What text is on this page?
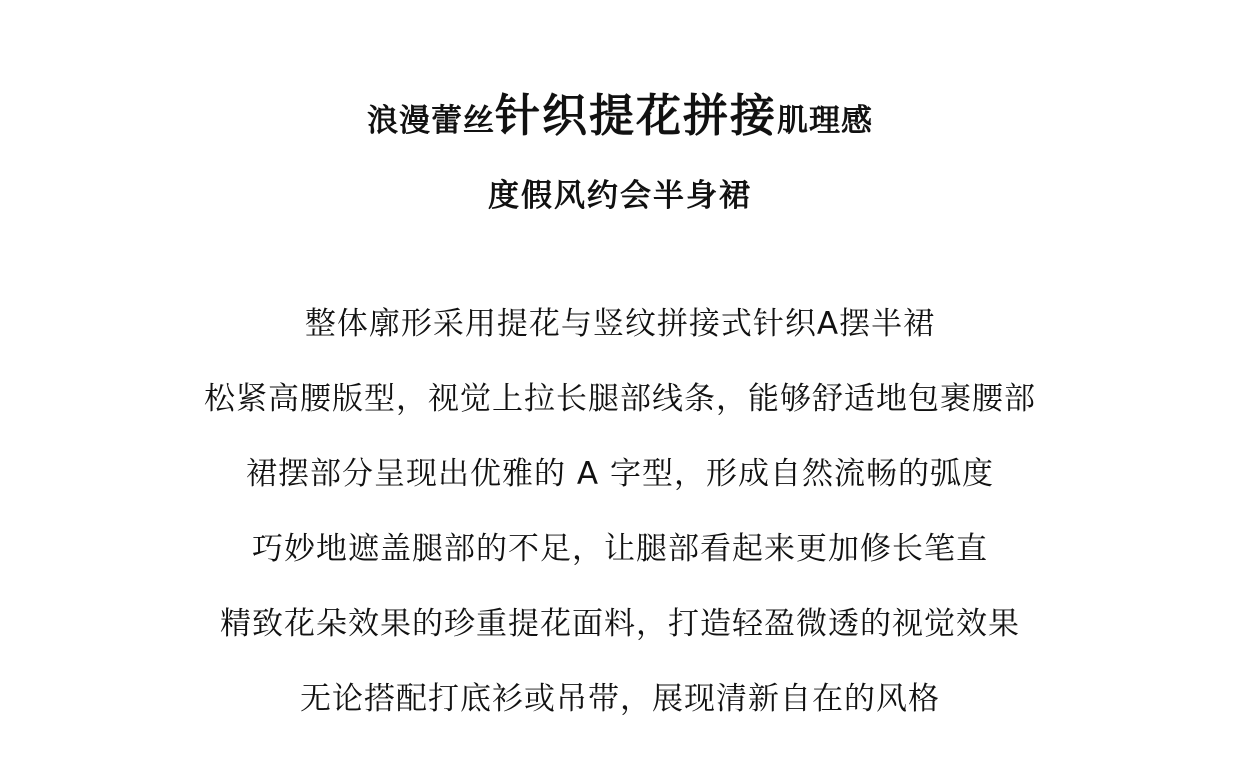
浪漫蕾丝针织提花拼接肌理感
度假风约会半身裙
整体廓形采用提花与竖纹拼接式针织A摆半裙
松紧高腰版型，视觉上拉长腿部线条，能够舒适地包裹腰部
裙摆部分呈现出优雅的 A 字型，形成自然流畅的弧度
巧妙地遮盖腿部的不足，让腿部看起来更加修长笔直
精致花朵效果的珍重提花面料，打造轻盈微透的视觉效果
无论搭配打底衫或吊带，展现清新自在的风格
